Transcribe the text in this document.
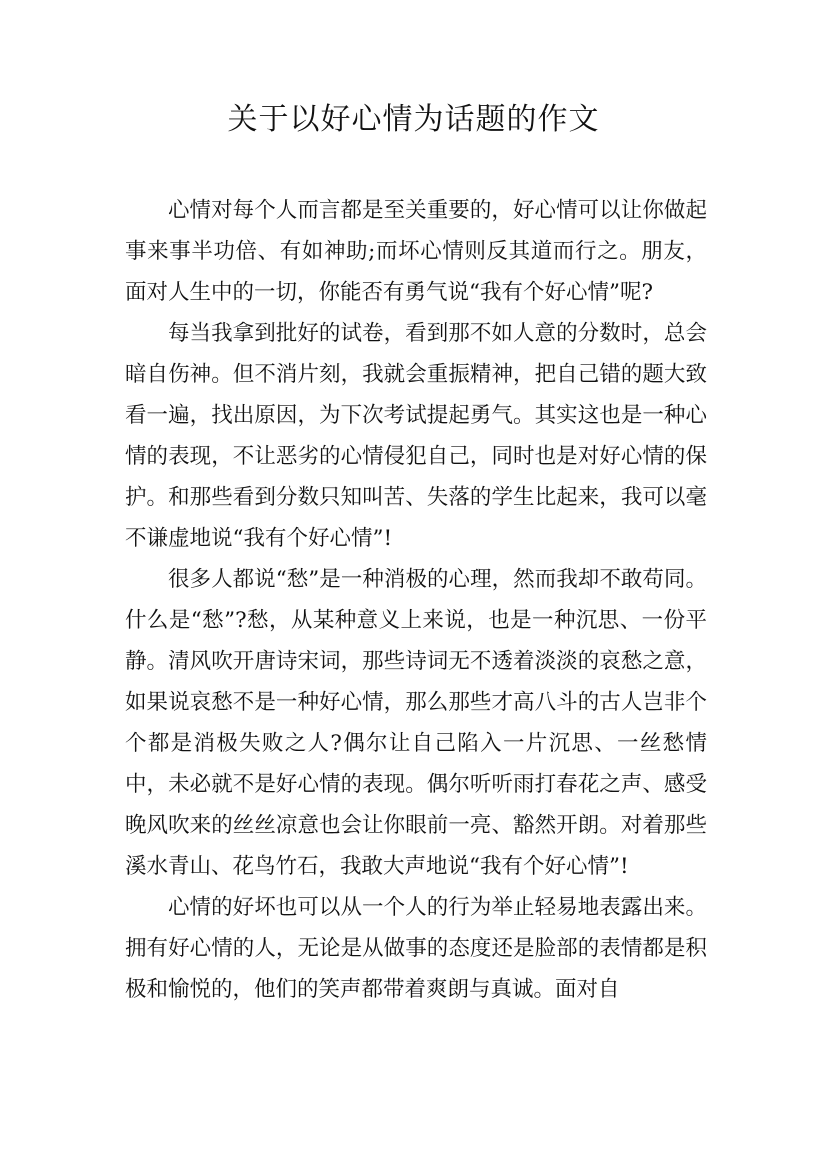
关于以好心情为话题的作文

心情对每个人而言都是至关重要的，好心情可以让你做起事来事半功倍、有如神助;而坏心情则反其道而行之。朋友，面对人生中的一切，你能否有勇气说“我有个好心情”呢?

每当我拿到批好的试卷，看到那不如人意的分数时，总会暗自伤神。但不消片刻，我就会重振精神，把自己错的题大致看一遍，找出原因，为下次考试提起勇气。其实这也是一种心情的表现，不让恶劣的心情侵犯自己，同时也是对好心情的保护。和那些看到分数只知叫苦、失落的学生比起来，我可以毫不谦虚地说“我有个好心情”!

很多人都说“愁”是一种消极的心理，然而我却不敢苟同。什么是“愁”?愁，从某种意义上来说，也是一种沉思、一份平静。清风吹开唐诗宋词，那些诗词无不透着淡淡的哀愁之意，如果说哀愁不是一种好心情，那么那些才高八斗的古人岂非个个都是消极失败之人?偶尔让自己陷入一片沉思、一丝愁情中，未必就不是好心情的表现。偶尔听听雨打春花之声、感受晚风吹来的丝丝凉意也会让你眼前一亮、豁然开朗。对着那些溪水青山、花鸟竹石，我敢大声地说“我有个好心情”!

心情的好坏也可以从一个人的行为举止轻易地表露出来。拥有好心情的人，无论是从做事的态度还是脸部的表情都是积极和愉悦的，他们的笑声都带着爽朗与真诚。面对自
